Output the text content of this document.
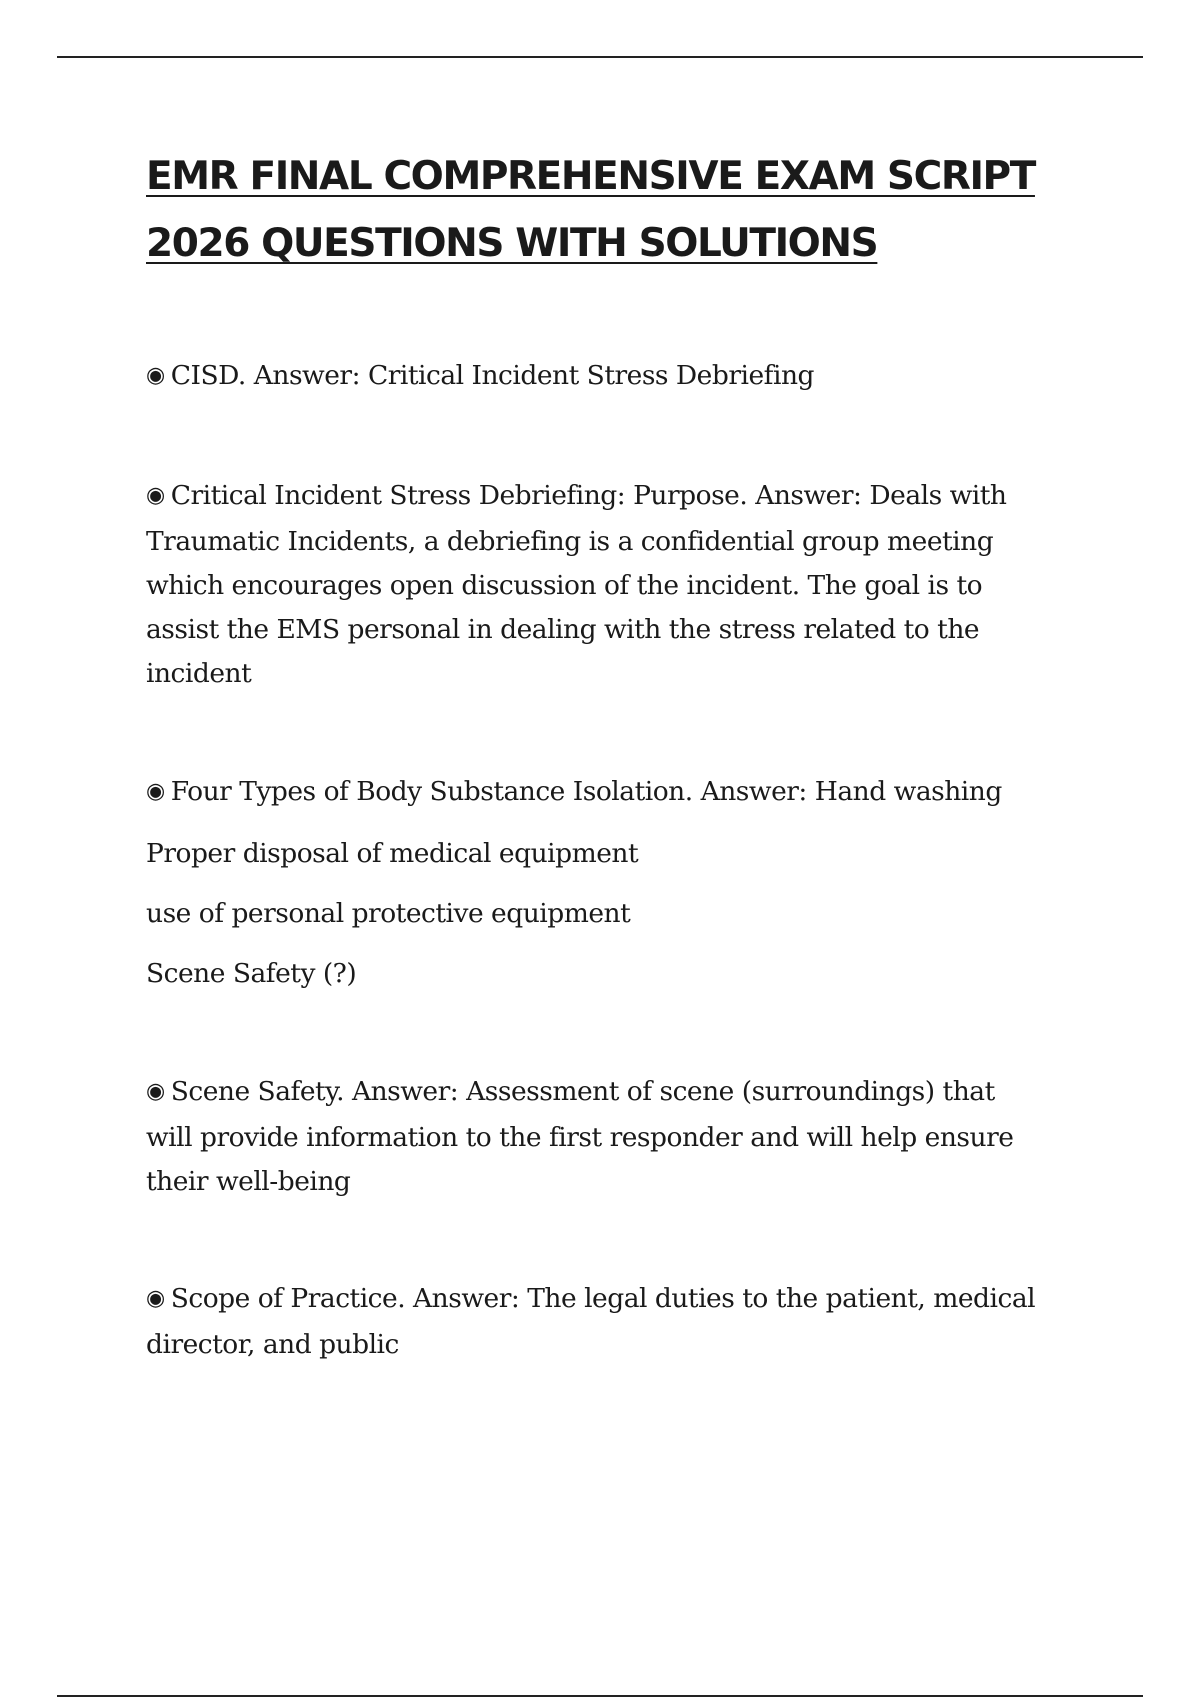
EMR FINAL COMPREHENSIVE EXAM SCRIPT
2026 QUESTIONS WITH SOLUTIONS
◉ CISD. Answer: Critical Incident Stress Debriefing
◉ Critical Incident Stress Debriefing: Purpose. Answer: Deals with
Traumatic Incidents, a debriefing is a confidential group meeting
which encourages open discussion of the incident. The goal is to
assist the EMS personal in dealing with the stress related to the
incident
◉ Four Types of Body Substance Isolation. Answer: Hand washing
Proper disposal of medical equipment
use of personal protective equipment
Scene Safety (?)
◉ Scene Safety. Answer: Assessment of scene (surroundings) that
will provide information to the first responder and will help ensure
their well-being
◉ Scope of Practice. Answer: The legal duties to the patient, medical
director, and public
